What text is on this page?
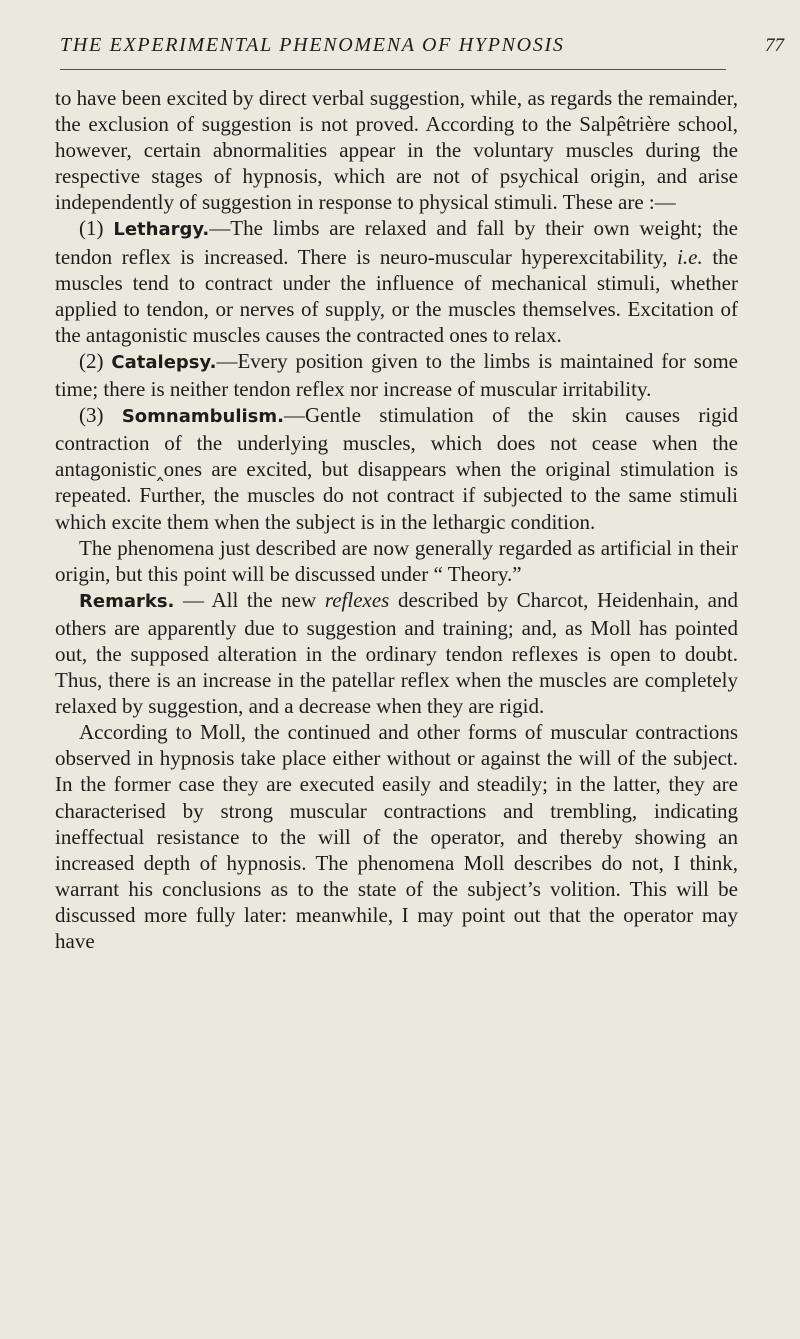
THE EXPERIMENTAL PHENOMENA OF HYPNOSIS	77

to have been excited by direct verbal suggestion, while, as regards the remainder, the exclusion of suggestion is not proved. According to the Salpêtrière school, however, certain abnormalities appear in the voluntary muscles during the respective stages of hypnosis, which are not of psychical origin, and arise independently of suggestion in response to physical stimuli. These are :—

(1) Lethargy.—The limbs are relaxed and fall by their own weight; the tendon reflex is increased. There is neuro-muscular hyperexcitability, i.e. the muscles tend to contract under the influence of mechanical stimuli, whether applied to tendon, or nerves of supply, or the muscles themselves. Excitation of the antagonistic muscles causes the contracted ones to relax.

(2) Catalepsy.—Every position given to the limbs is maintained for some time; there is neither tendon reflex nor increase of muscular irritability.

(3) Somnambulism.—Gentle stimulation of the skin causes rigid contraction of the underlying muscles, which does not cease when the antagonistic‸ones are excited, but disappears when the original stimulation is repeated. Further, the muscles do not contract if subjected to the same stimuli which excite them when the subject is in the lethargic condition.

The phenomena just described are now generally regarded as artificial in their origin, but this point will be discussed under “ Theory.”

Remarks. — All the new reflexes described by Charcot, Heidenhain, and others are apparently due to suggestion and training; and, as Moll has pointed out, the supposed alteration in the ordinary tendon reflexes is open to doubt. Thus, there is an increase in the patellar reflex when the muscles are completely relaxed by suggestion, and a decrease when they are rigid.

According to Moll, the continued and other forms of muscular contractions observed in hypnosis take place either without or against the will of the subject. In the former case they are executed easily and steadily; in the latter, they are characterised by strong muscular contractions and trembling, indicating ineffectual resistance to the will of the operator, and thereby showing an increased depth of hypnosis. The phenomena Moll describes do not, I think, warrant his conclusions as to the state of the subject’s volition. This will be discussed more fully later: meanwhile, I may point out that the operator may have
